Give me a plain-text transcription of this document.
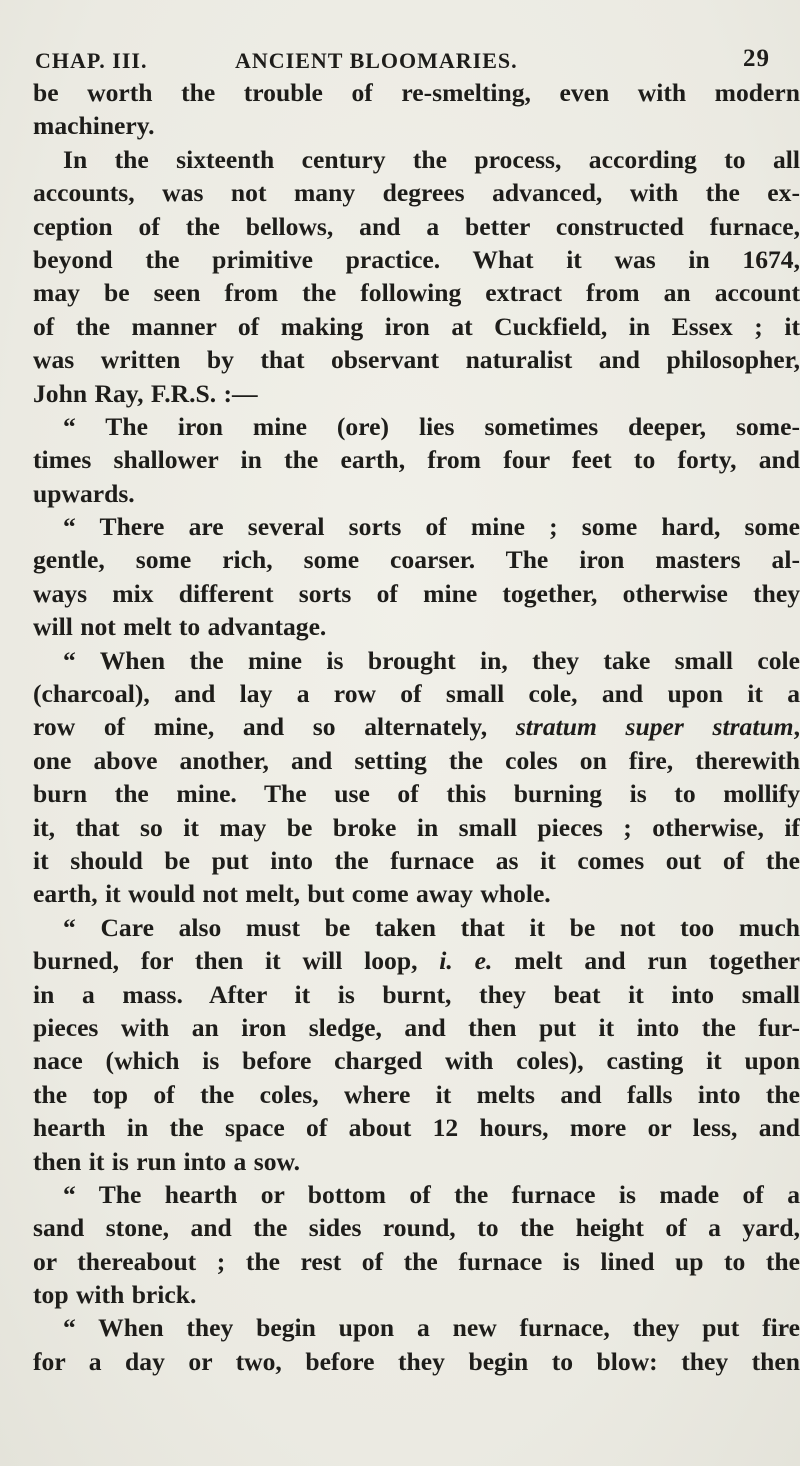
CHAP. III.	ANCIENT BLOOMARIES.	29
be worth the trouble of re-smelting, even with modern
machinery.
In the sixteenth century the process, according to all
accounts, was not many degrees advanced, with the ex-
ception of the bellows, and a better constructed furnace,
beyond the primitive practice. What it was in 1674,
may be seen from the following extract from an account
of the manner of making iron at Cuckfield, in Essex ; it
was written by that observant naturalist and philosopher,
John Ray, F.R.S. :—
“ The iron mine (ore) lies sometimes deeper, some-
times shallower in the earth, from four feet to forty, and
upwards.
“ There are several sorts of mine ; some hard, some
gentle, some rich, some coarser. The iron masters al-
ways mix different sorts of mine together, otherwise they
will not melt to advantage.
“ When the mine is brought in, they take small cole
(charcoal), and lay a row of small cole, and upon it a
row of mine, and so alternately, stratum super stratum,
one above another, and setting the coles on fire, therewith
burn the mine. The use of this burning is to mollify
it, that so it may be broke in small pieces ; otherwise, if
it should be put into the furnace as it comes out of the
earth, it would not melt, but come away whole.
“ Care also must be taken that it be not too much
burned, for then it will loop, i. e. melt and run together
in a mass. After it is burnt, they beat it into small
pieces with an iron sledge, and then put it into the fur-
nace (which is before charged with coles), casting it upon
the top of the coles, where it melts and falls into the
hearth in the space of about 12 hours, more or less, and
then it is run into a sow.
“ The hearth or bottom of the furnace is made of a
sand stone, and the sides round, to the height of a yard,
or thereabout ; the rest of the furnace is lined up to the
top with brick.
“ When they begin upon a new furnace, they put fire
for a day or two, before they begin to blow: they then
